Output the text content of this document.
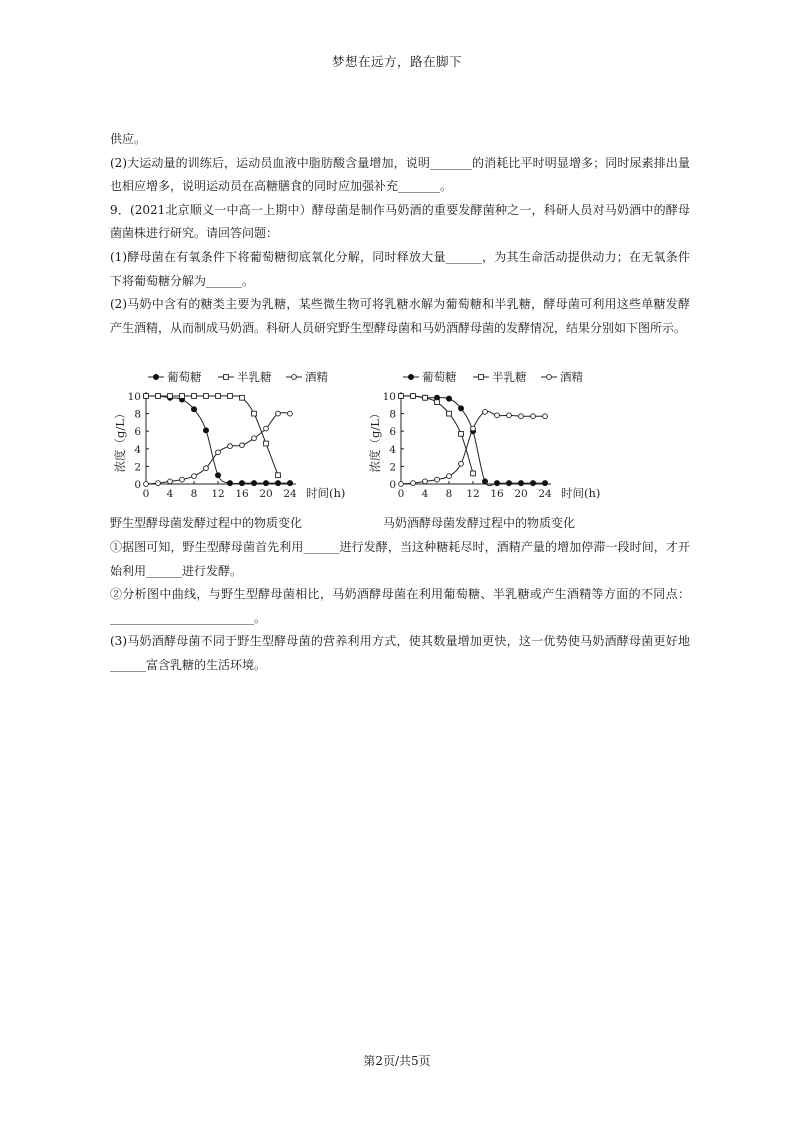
梦想在远方，路在脚下

供应。

(2)大运动量的训练后，运动员血液中脂肪酸含量增加，说明_______的消耗比平时明显增多；同时尿素排出量也相应增多，说明运动员在高糖膳食的同时应加强补充_______。

9．(2021北京顺义一中高一上期中）酵母菌是制作马奶酒的重要发酵菌种之一，科研人员对马奶酒中的酵母菌菌株进行研究。请回答问题：

(1)酵母菌在有氧条件下将葡萄糖彻底氧化分解，同时释放大量______，为其生命活动提供动力；在无氧条件下将葡萄糖分解为______。

(2)马奶中含有的糖类主要为乳糖，某些微生物可将乳糖水解为葡萄糖和半乳糖，酵母菌可利用这些单糖发酵产生酒精，从而制成马奶酒。科研人员研究野生型酵母菌和马奶酒酵母菌的发酵情况，结果分别如下图所示。

葡萄糖	半乳糖	酒精
0 4 8 12 16 20 24 时间(h)
0
2
4
6
8
10
浓度（g/L）
野生型酵母菌发酵过程中的物质变化
葡萄糖	半乳糖	酒精
0 4 8 12 16 20 24 时间(h)
0
2
4
6
8
10
浓度（g/L）
马奶酒酵母菌发酵过程中的物质变化

①据图可知，野生型酵母菌首先利用______进行发酵，当这种糖耗尽时，酒精产量的增加停滞一段时间，才开始利用______进行发酵。

②分析图中曲线，与野生型酵母菌相比，马奶酒酵母菌在利用葡萄糖、半乳糖或产生酒精等方面的不同点：________________________。

(3)马奶酒酵母菌不同于野生型酵母菌的营养利用方式，使其数量增加更快，这一优势使马奶酒酵母菌更好地______富含乳糖的生活环境。

第2页/共5页
